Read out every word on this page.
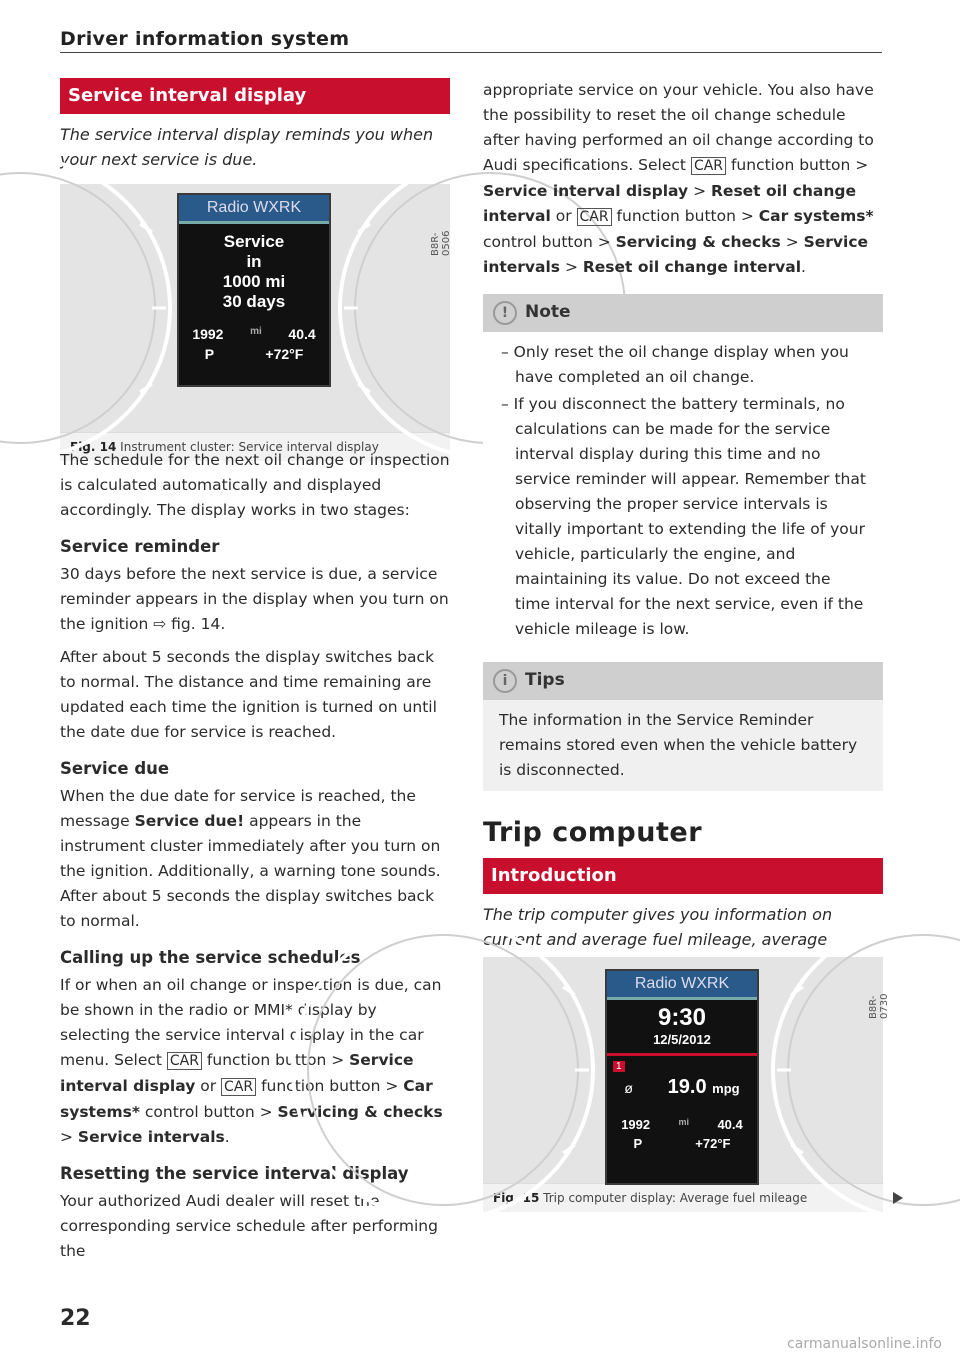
Driver information system
Service interval display
The service interval display reminds you when your next service is due.
B8R-0506
Fig. 14 Instrument cluster: Service interval display
Radio WXRK
Service
in
1000 mi
30 days
1992	mi 40.4
P	+72°F

The schedule for the next oil change or inspection is calculated automatically and displayed accordingly. The display works in two stages:

Service reminder

30 days before the next service is due, a service reminder appears in the display when you turn on the ignition ⇨ fig. 14.

After about 5 seconds the display switches back to normal. The distance and time remaining are updated each time the ignition is turned on until the date due for service is reached.

Service due

When the due date for service is reached, the message Service due! appears in the instrument cluster immediately after you turn on the ignition. Additionally, a warning tone sounds. After about 5 seconds the display switches back to normal.

Calling up the service schedules

If or when an oil change or inspection is due, can be shown in the radio or MMI* display by selecting the service interval display in the car menu. Select CAR function button > Service interval display or CAR function button > Car systems* control button > Servicing & checks > Service intervals.

Resetting the service interval display

Your authorized Audi dealer will reset the corresponding service schedule after performing the

appropriate service on your vehicle. You also have the possibility to reset the oil change schedule after having performed an oil change according to Audi specifications. Select CAR function button > Service interval display > Reset oil change interval or CAR function button > Car systems* control button > Servicing & checks > Service intervals > Reset oil change interval.

! Note
– Only reset the oil change display when you have completed an oil change.
– If you disconnect the battery terminals, no calculations can be made for the service interval display during this time and no service reminder will appear. Remember that observing the proper service intervals is vitally important to extending the life of your vehicle, particularly the engine, and maintaining its value. Do not exceed the time interval for the next service, even if the vehicle mileage is low.
i Tips
The information in the Service Reminder remains stored even when the vehicle battery is disconnected.
Trip computer
Introduction
The trip computer gives you information on current and average fuel mileage, average
B8R-0730
Radio WXRK
9:30
12/5/2012
1
ø 19.0 mpg
1992	mi 40.4
P	+72°F
Fig. 15 Trip computer display: Average fuel mileage
22
carmanualsonline.info
